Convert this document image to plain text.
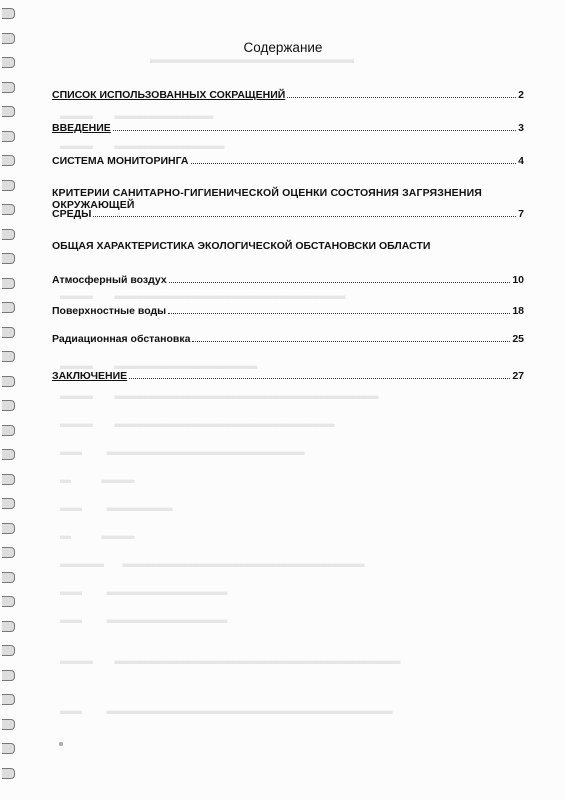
▬▬▬▬▬▬▬▬▬▬▬▬▬▬▬▬▬
▬▬▬       ▬▬▬▬▬▬▬▬▬
▬▬▬       ▬▬▬▬▬▬▬▬▬▬
▬▬▬       ▬▬▬▬▬▬▬▬▬▬▬▬▬▬▬▬▬▬▬▬▬
▬▬▬       ▬▬▬▬▬▬▬▬▬▬▬▬▬
▬▬▬       ▬▬▬▬▬▬▬▬▬▬▬▬▬▬▬▬▬▬▬▬▬▬▬▬
▬▬▬       ▬▬▬▬▬▬▬▬▬▬▬▬▬▬▬▬▬▬▬▬
▬▬        ▬▬▬▬▬▬▬▬▬▬▬▬▬▬▬▬▬▬
▬          ▬▬▬
▬▬        ▬▬▬▬▬▬
▬          ▬▬▬
▬▬▬▬      ▬▬▬▬▬▬▬▬▬▬▬▬▬▬▬▬▬▬▬▬▬▬
▬▬        ▬▬▬▬▬▬▬▬▬▬▬
▬▬        ▬▬▬▬▬▬▬▬▬▬▬
▬▬▬       ▬▬▬▬▬▬▬▬▬▬▬▬▬▬▬▬▬▬▬▬▬▬▬▬▬▬
▬▬        ▬▬▬▬▬▬▬▬▬▬▬▬▬▬▬▬▬▬▬▬▬▬▬▬▬▬
Содержание
СПИСОК ИСПОЛЬЗОВАННЫХ СОКРАЩЕНИЙ	2
ВВЕДЕНИЕ	3
СИСТЕМА МОНИТОРИНГА	4
КРИТЕРИИ САНИТАРНО-ГИГИЕНИЧЕСКОЙ ОЦЕНКИ СОСТОЯНИЯ ЗАГРЯЗНЕНИЯ ОКРУЖАЮЩЕЙ
СРЕДЫ	7
ОБЩАЯ ХАРАКТЕРИСТИКА ЭКОЛОГИЧЕСКОЙ ОБСТАНОВСКИ ОБЛАСТИ
Атмосферный воздух	10
Поверхностные воды	18
Радиационная обстановка	25
ЗАКЛЮЧЕНИЕ	27
